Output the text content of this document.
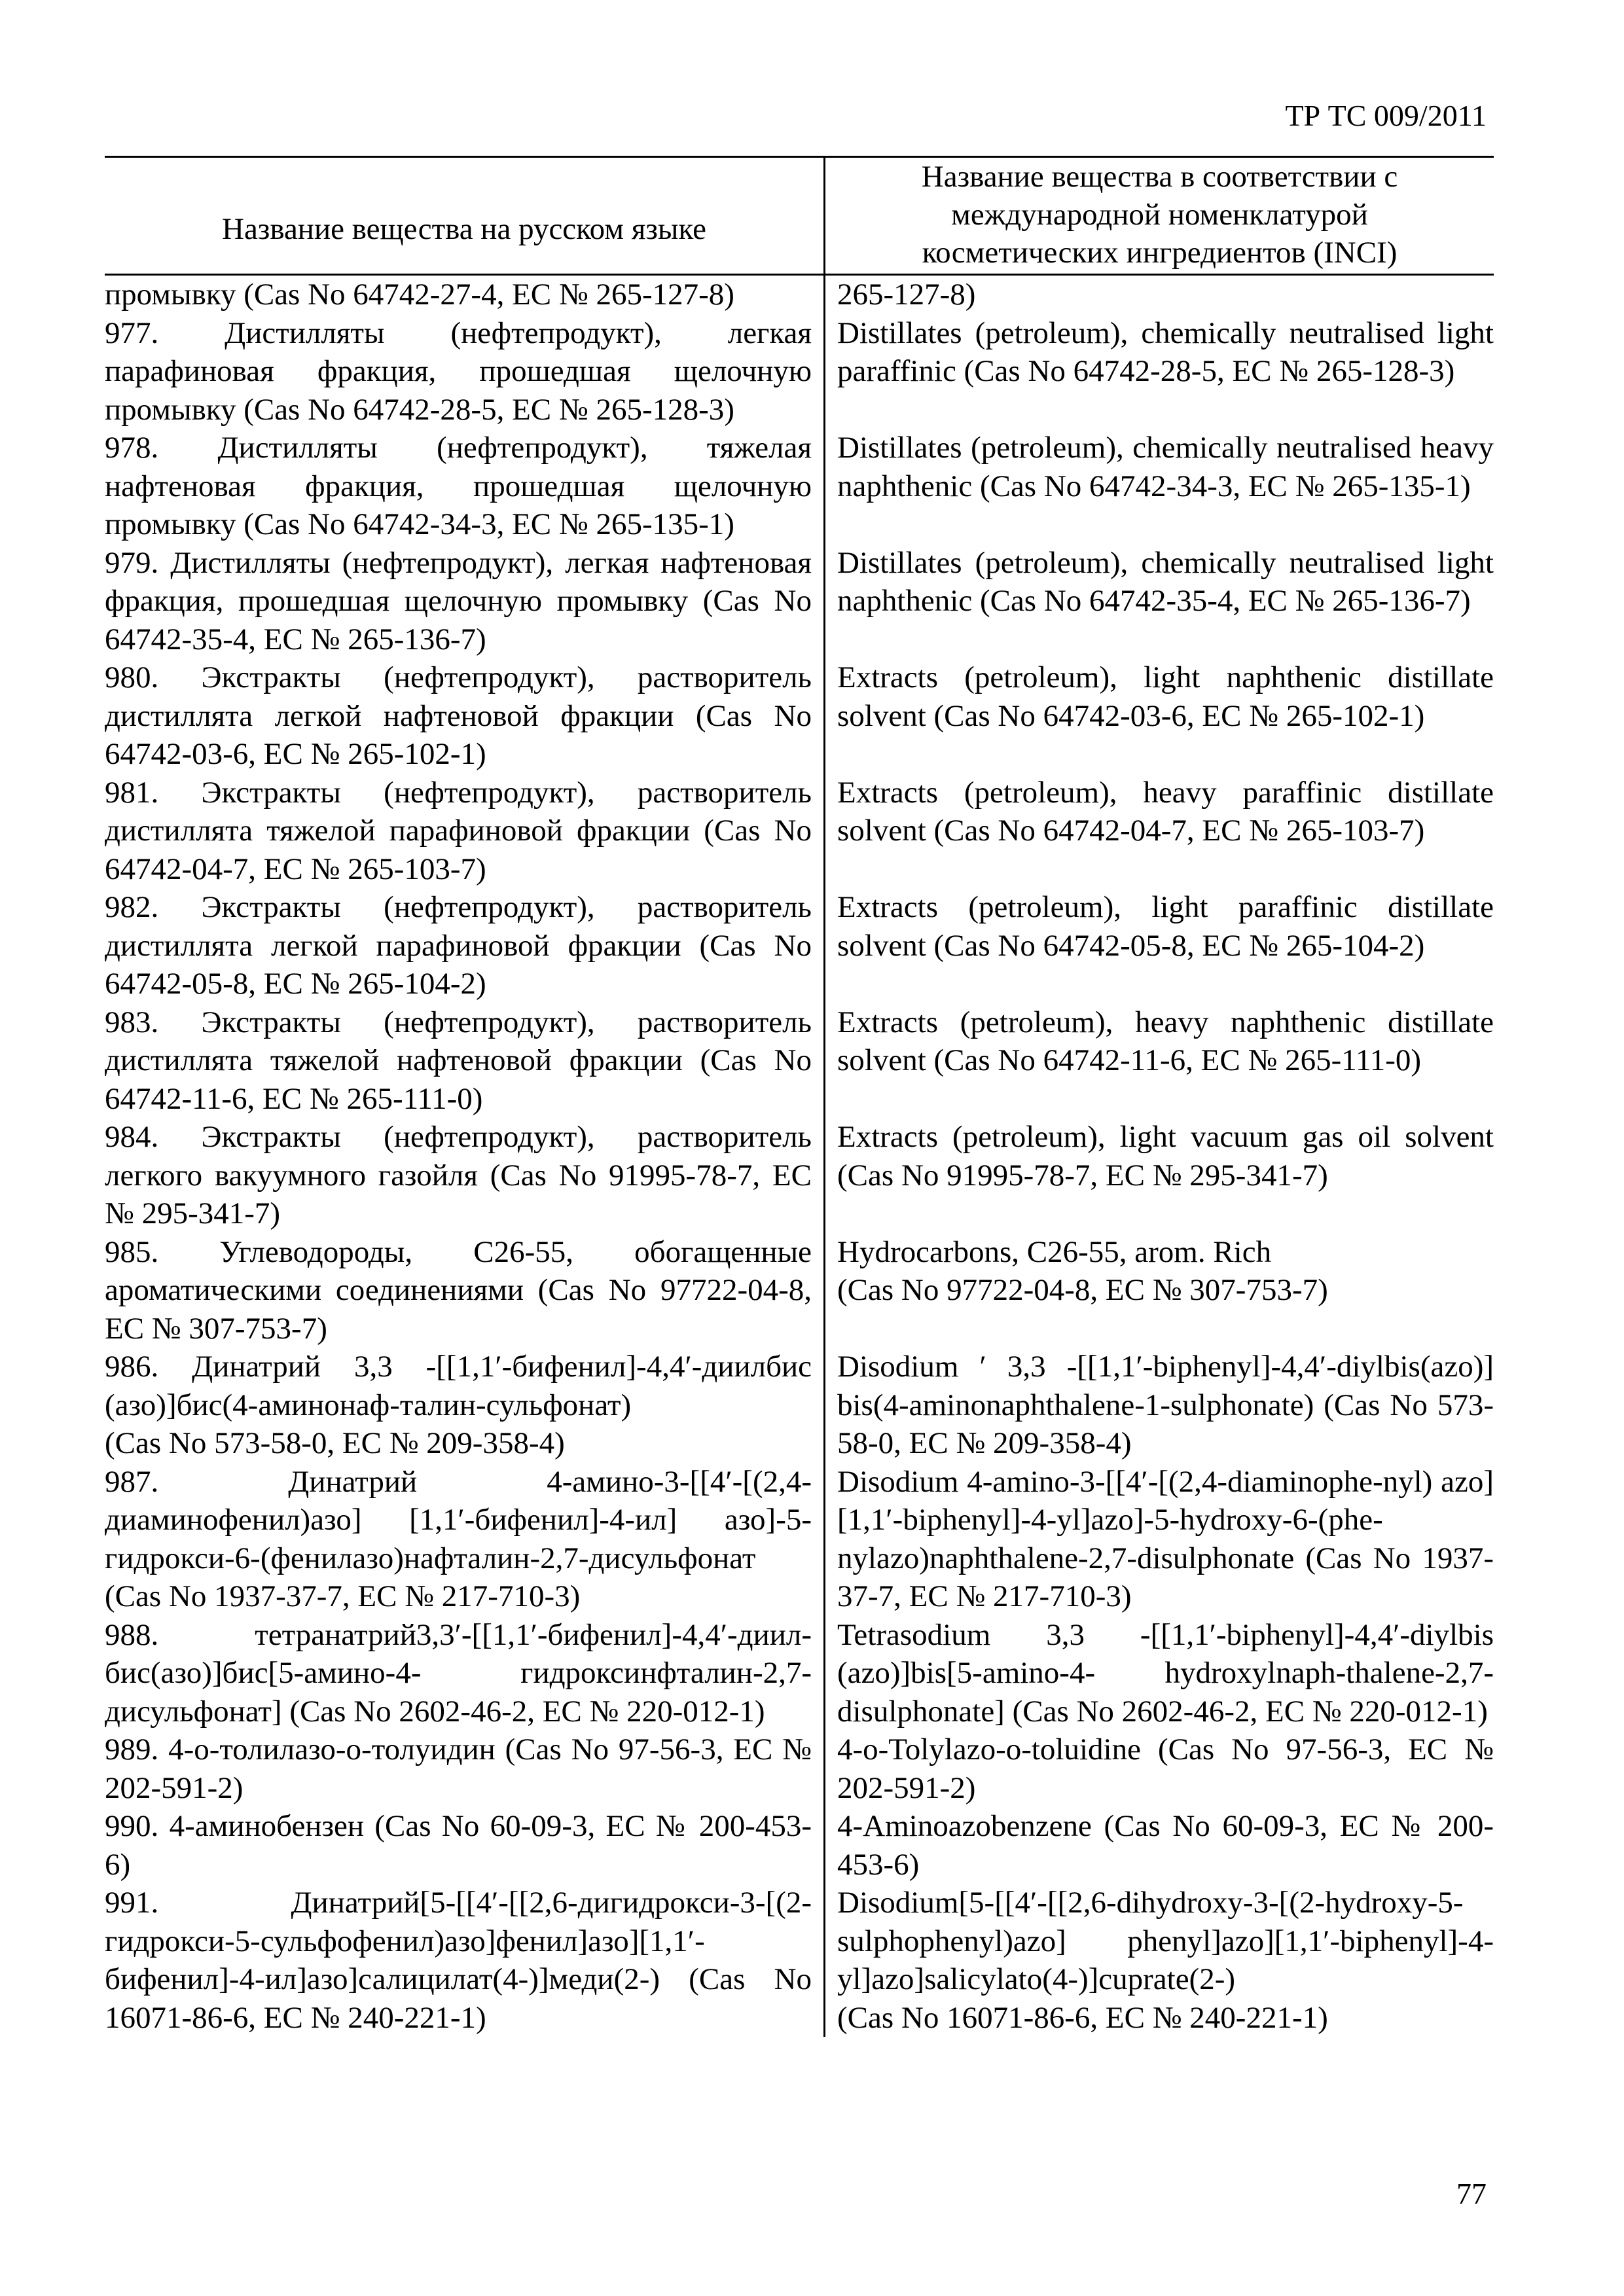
ТР ТС 009/2011
Название вещества на русском языке
Название вещества в соответствии с
международной номенклатурой
косметических ингредиентов (INCI)
промывку (Cas No 64742-27-4, ЕС № 265-127-8)	265-127-8)
977. Дистилляты (нефтепродукт), легкая парафиновая фракция, прошедшая щелочную промывку (Cas No 64742-28-5, ЕС № 265-128-3)
Distillates (petroleum), chemically neutralised light paraffinic (Cas No 64742-28-5, EC № 265-128-3)
978. Дистилляты (нефтепродукт), тяжелая нафтеновая фракция, прошедшая щелочную промывку (Cas No 64742-34-3, ЕС № 265-135-1)
Distillates (petroleum), chemically neutralised heavy naphthenic (Cas No 64742-34-3, EC № 265-135-1)
979. Дистилляты (нефтепродукт), легкая нафтеновая фракция, прошедшая щелочную промывку (Cas No 64742-35-4, ЕС № 265-136-7)
Distillates (petroleum), chemically neutralised light naphthenic (Cas No 64742-35-4, EC № 265-136-7)
980. Экстракты (нефтепродукт), растворитель дистиллята легкой нафтеновой фракции (Cas No 64742-03-6, ЕС № 265-102-1)
Extracts (petroleum), light naphthenic distillate solvent (Cas No 64742-03-6, EC № 265-102-1)
981. Экстракты (нефтепродукт), растворитель дистиллята тяжелой парафиновой фракции (Cas No 64742-04-7, ЕС № 265-103-7)
Extracts (petroleum), heavy paraffinic distillate solvent (Cas No 64742-04-7, EC № 265-103-7)
982. Экстракты (нефтепродукт), растворитель дистиллята легкой парафиновой фракции (Cas No 64742-05-8, ЕС № 265-104-2)
Extracts (petroleum), light paraffinic distillate solvent (Cas No 64742-05-8, EC № 265-104-2)
983. Экстракты (нефтепродукт), растворитель дистиллята тяжелой нафтеновой фракции (Cas No 64742-11-6, ЕС № 265-111-0)
Extracts (petroleum), heavy naphthenic distillate solvent (Cas No 64742-11-6, EC № 265-111-0)
984. Экстракты (нефтепродукт), растворитель легкого вакуумного газойля (Cas No 91995-78-7, ЕС № 295-341-7)
Extracts (petroleum), light vacuum gas oil solvent (Cas No 91995-78-7, EC № 295-341-7)
985. Углеводороды, C26-55, обогащенные ароматическими соединениями (Cas No 97722-04-8, ЕС № 307-753-7)
Hydrocarbons, C26-55, arom. Rich
(Cas No 97722-04-8, EC № 307-753-7)
986. Динатрий 3,3 -[[1,1′-бифенил]-4,4′-диилбис (азо)]бис(4-аминонаф-талин-сульфонат)
(Cas No 573-58-0, ЕС № 209-358-4)
Disodium ′ 3,3 -[[1,1′-biphenyl]-4,4′-diylbis(azo)] bis(4-aminonaphthalene-1-sulphonate) (Cas No 573-58-0, EC № 209-358-4)
987. Динатрий 4-амино-3-[[4′-[(2,4-диаминофенил)азо] [1,1′-бифенил]-4-ил] азо]-5-гидрокси-6-(фенилазо)нафталин-2,7-дисульфонат (Cas No 1937-37-7, ЕС № 217-710-3)
Disodium 4-amino-3-[[4′-[(2,4-diaminophe-nyl) azo][1,1′-biphenyl]-4-yl]azo]-5-hydroxy-6-(phe-nylazo)naphthalene-2,7-disulphonate (Cas No 1937-37-7, EC № 217-710-3)
988. тетранатрий3,3′-[[1,1′-бифенил]-4,4′-диил-бис(азо)]бис[5-амино-4- гидроксинфталин-2,7-дисульфонат] (Cas No 2602-46-2, ЕС № 220-012-1)
Tetrasodium 3,3 -[[1,1′-biphenyl]-4,4′-diylbis (azo)]bis[5-amino-4- hydroxylnaph-thalene-2,7-disulphonate] (Cas No 2602-46-2, EC № 220-012-1)
989. 4-о-толилазо-о-толуидин (Cas No 97-56-3, ЕС № 202-591-2)
4-o-Tolylazo-o-toluidine (Cas No 97-56-3, EC № 202-591-2)
990. 4-аминобензен (Cas No 60-09-3, ЕС № 200-453-6)
4-Aminoazobenzene (Cas No 60-09-3, EC № 200-453-6)
991. Динатрий[5-[[4′-[[2,6-дигидрокси-3-[(2-гидрокси-5-сульфофенил)азо]фенил]азо][1,1′-бифенил]-4-ил]азо]салицилат(4-)]меди(2-) (Cas No 16071-86-6, ЕС № 240-221-1)
Disodium[5-[[4′-[[2,6-dihydroxy-3-[(2-hydroxy-5-sulphophenyl)azo] phenyl]azo][1,1′-biphenyl]-4-yl]azo]salicylato(4-)]cuprate(2-)
(Cas No 16071-86-6, EC № 240-221-1)
77
